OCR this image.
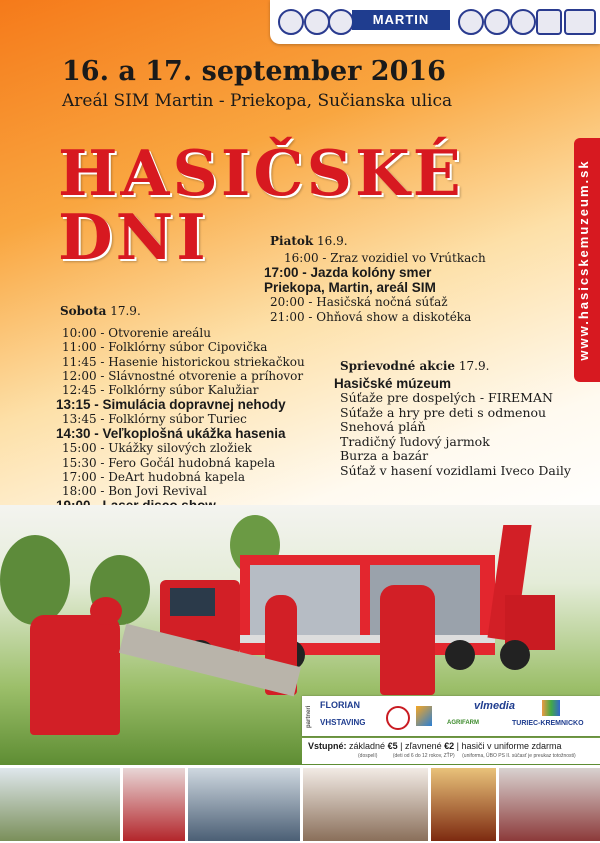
MARTIN
16. a 17. september 2016
Areál SIM Martin - Priekopa, Sučianska ulica
HASIČSKÉ
DNI	www.hasicskemuzeum.sk
Piatok 16.9.
16:00 - Zraz vozidiel vo Vrútkach
17:00 - Jazda kolóny smer
Priekopa, Martin, areál SIM
20:00 - Hasičská nočná súťaž
21:00 - Ohňová show a diskotéka
Sobota 17.9.
10:00 - Otvorenie areálu
11:00 - Folklórny súbor Cipovička
11:45 - Hasenie historickou striekačkou
12:00 - Slávnostné otvorenie a príhovor
12:45 - Folklórny súbor Kalužiar
13:15 - Simulácia dopravnej nehody
13:45 - Folklórny súbor Turiec
14:30 - Veľkoplošná ukážka hasenia
15:00 - Ukážky silových zložiek
15:30 - Fero Gočál hudobná kapela
17:00 - DeArt hudobná kapela
18:00 - Bon Jovi Revival
Sprievodné akcie 17.9.
Hasičské múzeum
Súťaže pre dospelých - FIREMAN
Súťaže a hry pre deti s odmenou
Snehová pláň
Tradičný ľudový jarmok
Burza a bazár
Súťaž v hasení vozidlami Iveco Daily
partneri
FLORIAN
VHSTAVING
vlmedia
TURIEC-KREMNICKO
AGRIFARM
Vstupné: základné €5 | zľavnené €2 | hasiči v uniforme zdarma
(dospelí)	(deti od 6 do 12 rokov, ZŤP) (uniforma, ÚBO PS II. súčasť je preukaz totožnosti)
